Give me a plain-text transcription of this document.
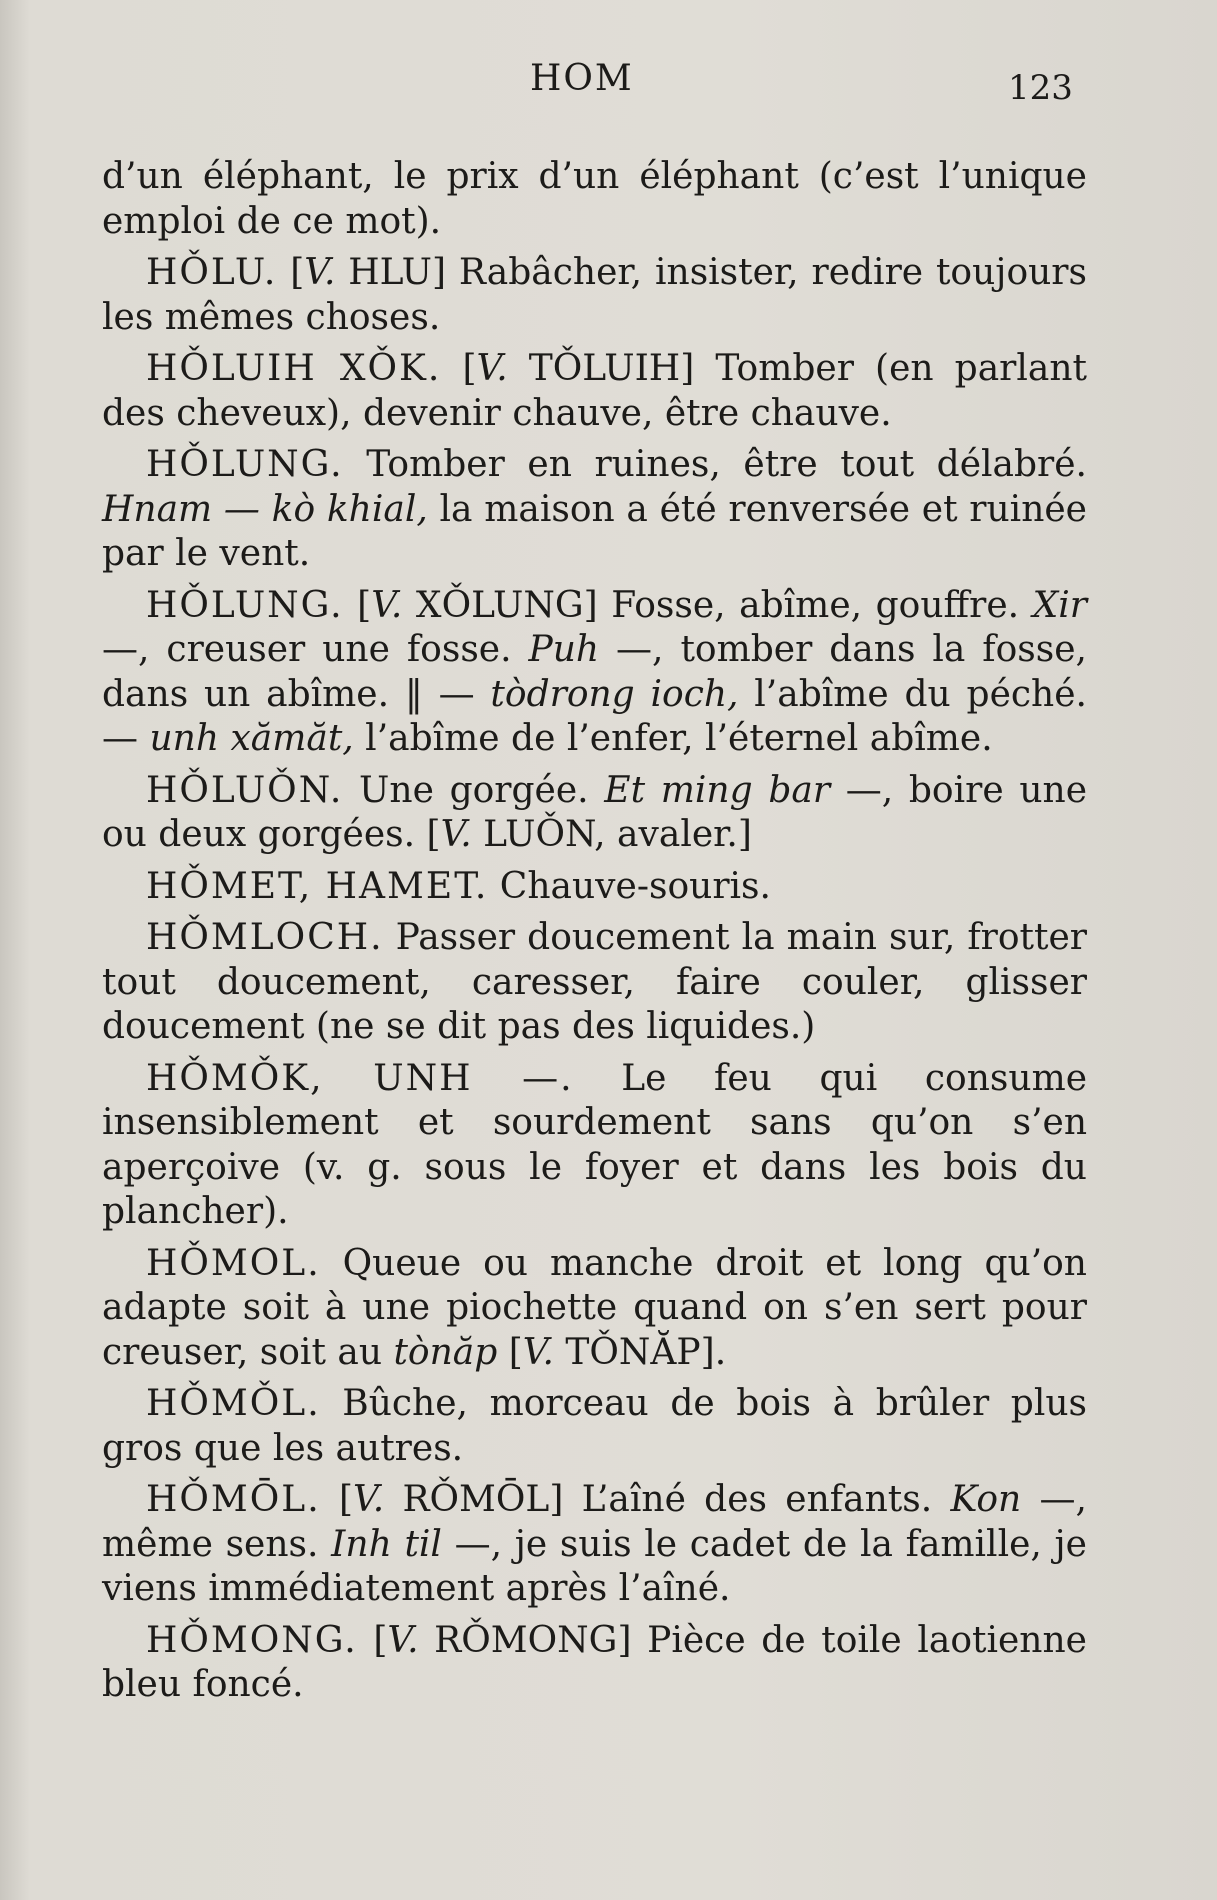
HOM	123

d’un éléphant, le prix d’un éléphant (c’est l’unique emploi de ce mot).

HǑLU. [V. HLU] Rabâcher, insister, redire toujours les mêmes choses.

HǑLUIH XǑK. [V. TǑLUIH] Tomber (en parlant des cheveux), devenir chauve, être chauve.

HǑLUNG. Tomber en ruines, être tout délabré. Hnam — kò khial, la maison a été renversée et ruinée par le vent.

HǑLUNG. [V. XǑLUNG] Fosse, abîme, gouffre. Xir —, creuser une fosse. Puh —, tomber dans la fosse, dans un abîme. ‖ — tòdrong ioch, l’abîme du péché. — unh xămăt, l’abîme de l’enfer, l’éternel abîme.

HǑLUǑN. Une gorgée. Et ming bar —, boire une ou deux gorgées. [V. LUǑN, avaler.]

HǑMET, HAMET. Chauve-souris.

HǑMLOCH. Passer doucement la main sur, frotter tout doucement, caresser, faire couler, glisser doucement (ne se dit pas des liquides.)

HǑMǑK, UNH —. Le feu qui consume insensiblement et sourdement sans qu’on s’en aperçoive (v. g. sous le foyer et dans les bois du plancher).

HǑMOL. Queue ou manche droit et long qu’on adapte soit à une piochette quand on s’en sert pour creuser, soit au tònăp [V. TǑNĂP].

HǑMǑL. Bûche, morceau de bois à brûler plus gros que les autres.

HǑMŌL. [V. RǑMŌL] L’aîné des enfants. Kon —, même sens. Inh til —, je suis le cadet de la famille, je viens immédiatement après l’aîné.

HǑMONG. [V. RǑMONG] Pièce de toile laotienne bleu foncé.
